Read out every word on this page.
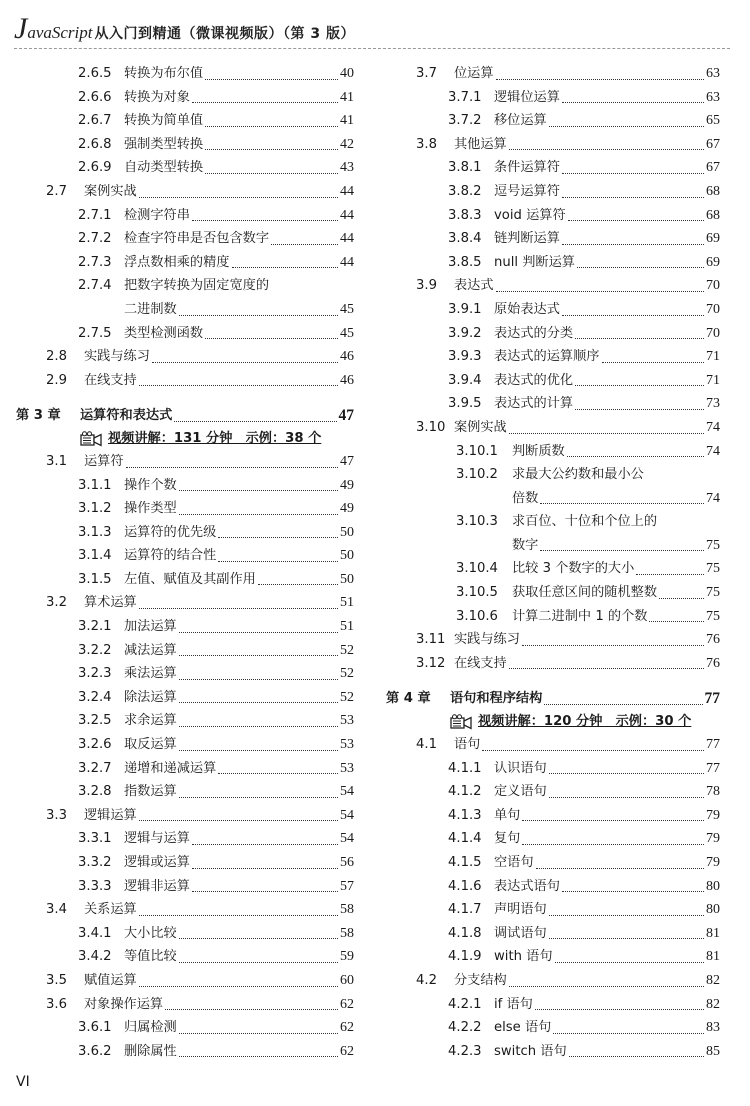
J avaScript 从入门到精通（微课视频版）（第 3 版）
2.6.5 转换为布尔值	40
2.6.6 转换为对象	41
2.6.7 转换为简单值	41
2.6.8 强制类型转换	42
2.6.9 自动类型转换	43
2.7 案例实战	44
2.7.1 检测字符串	44
2.7.2 检查字符串是否包含数字	44
2.7.3 浮点数相乘的精度	44
2.7.4 把数字转换为固定宽度的
二进制数	45
2.7.5 类型检测函数	45
2.8 实践与练习	46
2.9 在线支持	46
第 3 章 运算符和表达式	47
视频讲解：131 分钟　示例：38 个
3.1 运算符	47
3.1.1 操作个数	49
3.1.2 操作类型	49
3.1.3 运算符的优先级	50
3.1.4 运算符的结合性	50
3.1.5 左值、赋值及其副作用	50
3.2 算术运算	51
3.2.1 加法运算	51
3.2.2 减法运算	52
3.2.3 乘法运算	52
3.2.4 除法运算	52
3.2.5 求余运算	53
3.2.6 取反运算	53
3.2.7 递增和递减运算	53
3.2.8 指数运算	54
3.3 逻辑运算	54
3.3.1 逻辑与运算	54
3.3.2 逻辑或运算	56
3.3.3 逻辑非运算	57
3.4 关系运算	58
3.4.1 大小比较	58
3.4.2 等值比较	59
3.5 赋值运算	60
3.6 对象操作运算	62
3.6.1 归属检测	62
3.6.2 删除属性	62
3.7 位运算	63
3.7.1 逻辑位运算	63
3.7.2 移位运算	65
3.8 其他运算	67
3.8.1 条件运算符	67
3.8.2 逗号运算符	68
3.8.3 void 运算符	68
3.8.4 链判断运算	69
3.8.5 null 判断运算	69
3.9 表达式	70
3.9.1 原始表达式	70
3.9.2 表达式的分类	70
3.9.3 表达式的运算顺序	71
3.9.4 表达式的优化	71
3.9.5 表达式的计算	73
3.10 案例实战	74
3.10.1 判断质数	74
3.10.2 求最大公约数和最小公
倍数	74
3.10.3 求百位、十位和个位上的
数字	75
3.10.4 比较 3 个数字的大小	75
3.10.5 获取任意区间的随机整数	75
3.10.6 计算二进制中 1 的个数	75
3.11 实践与练习	76
3.12 在线支持	76
第 4 章 语句和程序结构	77
视频讲解：120 分钟　示例：30 个
4.1 语句	77
4.1.1 认识语句	77
4.1.2 定义语句	78
4.1.3 单句	79
4.1.4 复句	79
4.1.5 空语句	79
4.1.6 表达式语句	80
4.1.7 声明语句	80
4.1.8 调试语句	81
4.1.9 with 语句	81
4.2 分支结构	82
4.2.1 if 语句	82
4.2.2 else 语句	83
4.2.3 switch 语句	85
VI
